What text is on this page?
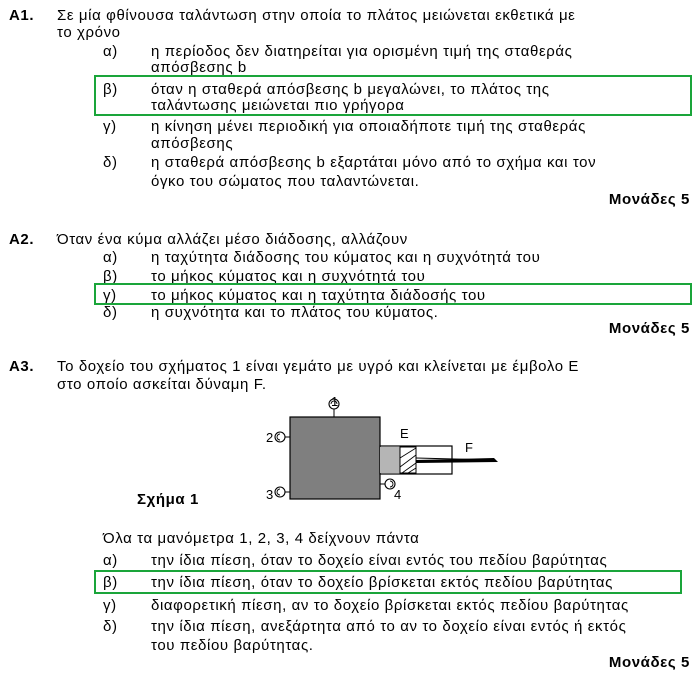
Α1. Σε μία φθίνουσα ταλάντωση στην οποία το πλάτος μειώνεται εκθετικά με
το χρόνο
α) η περίοδος δεν διατηρείται για ορισμένη τιμή της σταθεράς
απόσβεσης b
β) όταν η σταθερά απόσβεσης b μεγαλώνει, το πλάτος της
ταλάντωσης μειώνεται πιο γρήγορα
γ) η κίνηση μένει περιοδική για οποιαδήποτε τιμή της σταθεράς
απόσβεσης
δ) η σταθερά απόσβεσης b εξαρτάται μόνο από το σχήμα και τον
όγκο του σώματος που ταλαντώνεται.
Μονάδες 5
Α2. Όταν ένα κύμα αλλάζει μέσο διάδοσης, αλλάζουν
α) η ταχύτητα διάδοσης του κύματος και η συχνότητά του
β) το μήκος κύματος και η συχνότητά του
γ) το μήκος κύματος και η ταχύτητα διάδοσής του
δ) η συχνότητα και το πλάτος του κύματος.
Μονάδες 5
Α3. Το δοχείο του σχήματος 1 είναι γεμάτο με υγρό και κλείνεται με έμβολο Ε
στο οποίο ασκείται δύναμη F.
1
2
3	4
E
F
Σχήμα 1
Όλα τα μανόμετρα 1, 2, 3, 4 δείχνουν πάντα
α) την ίδια πίεση, όταν το δοχείο είναι εντός του πεδίου βαρύτητας
β) την ίδια πίεση, όταν το δοχείο βρίσκεται εκτός πεδίου βαρύτητας
γ) διαφορετική πίεση, αν το δοχείο βρίσκεται εκτός πεδίου βαρύτητας
δ) την ίδια πίεση, ανεξάρτητα από το αν το δοχείο είναι εντός ή εκτός
του πεδίου βαρύτητας.
Μονάδες 5
